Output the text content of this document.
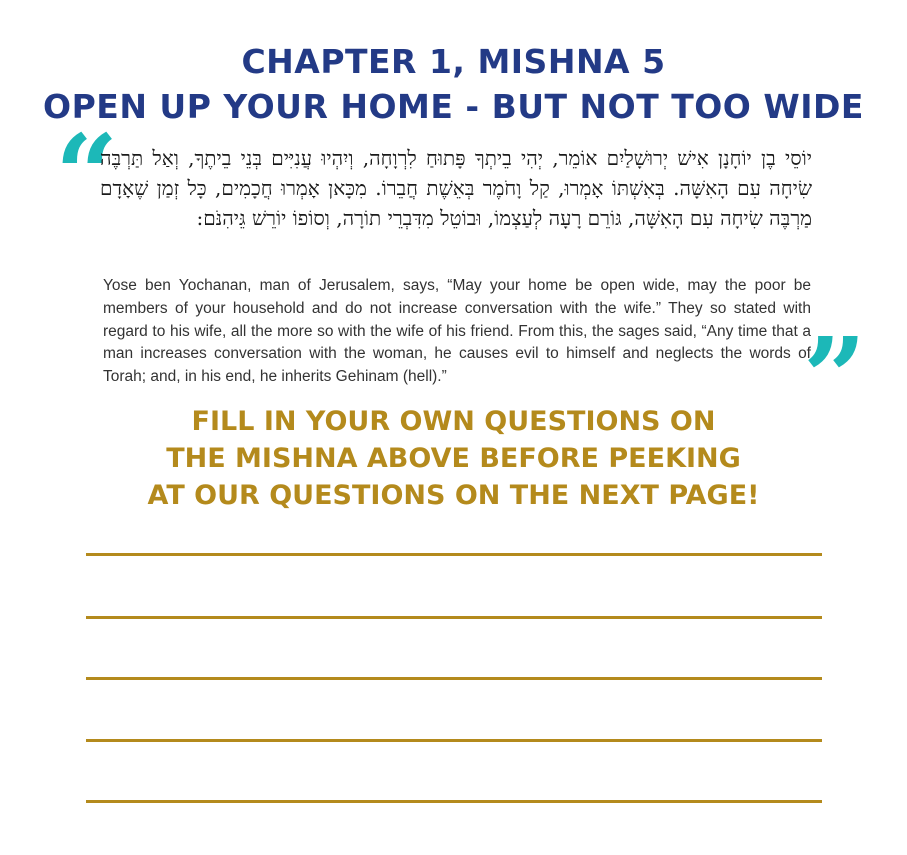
CHAPTER 1, MISHNA 5
OPEN UP YOUR HOME - BUT NOT TOO WIDE
“

יוֹסֵי בֶן יוֹחָנָן אִישׁ יְרוּשָׁלַיִם אוֹמֵר, יְהִי בֵיתְךָ פָּתוּחַ לִרְוָחָה, וְיִהְיוּ עֲנִיִּים בְּנֵי בֵיתֶךָ, וְאַל תַּרְבֶּה שִׂיחָה עִם הָאִשָּׁה. בְּאִשְׁתּוֹ אָמְרוּ, קַל וָחֹמֶר בְּאֵשֶׁת חֲבֵרוֹ. מִכָּאן אָמְרוּ חֲכָמִים, כָּל זְמַן שֶׁאָדָם מַרְבֶּה שִׂיחָה עִם הָאִשָּׁה, גּוֹרֵם רָעָה לְעַצְמוֹ, וּבוֹטֵל מִדִּבְרֵי תוֹרָה, וְסוֹפוֹ יוֹרֵשׁ גֵּיהִנֹּם:

Yose ben Yochanan, man of Jerusalem, says, “May your home be open wide, may the poor be members of your household and do not increase conversation with the wife.” They so stated with regard to his wife, all the more so with the wife of his friend. From this, the sages said, “Any time that a man increases conversation with the woman, he causes evil to himself and neglects the words of Torah; and, in his end, he inherits Gehinam (hell).”	”
FILL IN YOUR OWN QUESTIONS ON
THE MISHNA ABOVE BEFORE PEEKING
AT OUR QUESTIONS ON THE NEXT PAGE!
